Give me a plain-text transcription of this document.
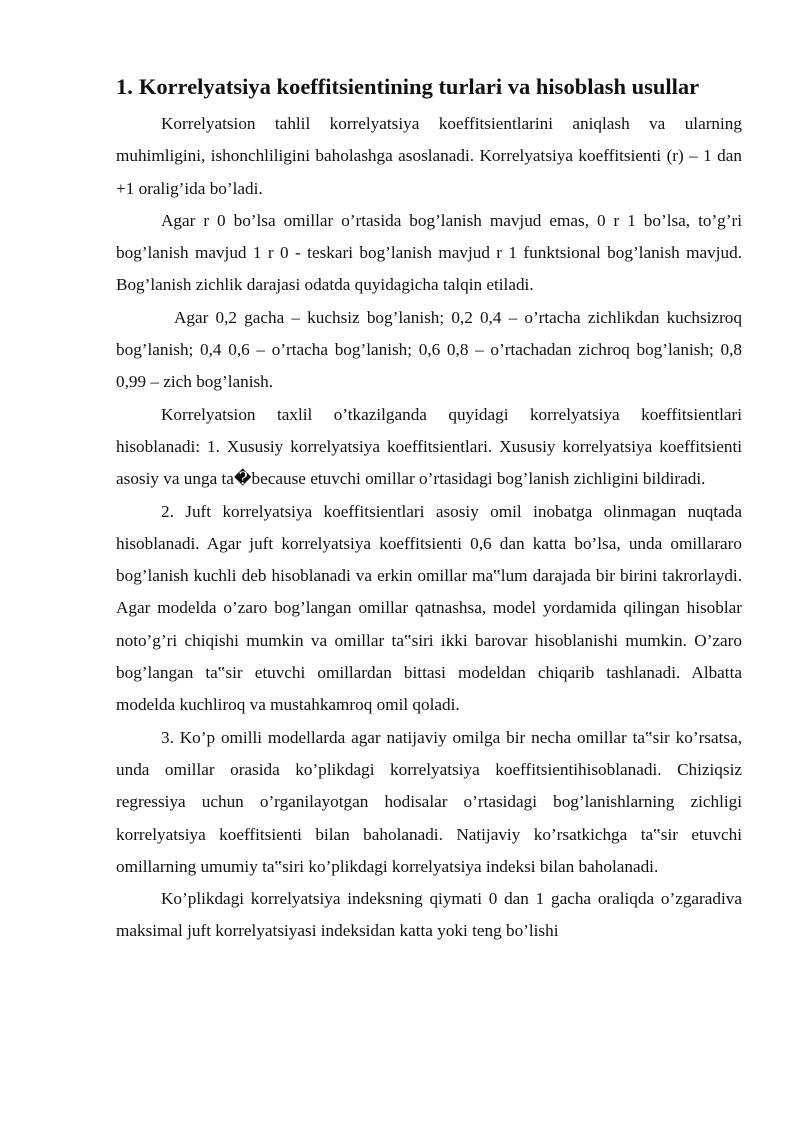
1. Korrelyatsiya koeffitsientining turlari va hisoblash usullar

Korrelyatsion tahlil korrelyatsiya koeffitsientlarini aniqlash va ularning muhimligini, ishonchliligini baholashga asoslanadi. Korrelyatsiya koeffitsienti (r) – 1 dan +1 oralig’ida bo’ladi.

Agar r 0 bo’lsa omillar o’rtasida bog’lanish mavjud emas, 0 r 1 bo’lsa, to’g’ri bog’lanish mavjud 1 r 0 - teskari bog’lanish mavjud r 1 funktsional bog’lanish mavjud. Bog’lanish zichlik darajasi odatda quyidagicha talqin etiladi.

Agar 0,2 gacha – kuchsiz bog’lanish; 0,2 0,4 – o’rtacha zichlikdan kuchsizroq bog’lanish; 0,4 0,6 – o’rtacha bog’lanish; 0,6 0,8 – o’rtachadan zichroq bog’lanish; 0,8 0,99 – zich bog’lanish.

Korrelyatsion taxlil o’tkazilganda quyidagi korrelyatsiya koeffitsientlari hisoblanadi: 1. Xususiy korrelyatsiya koeffitsientlari. Xususiy korrelyatsiya koeffitsienti asosiy va unga ta�because etuvchi omillar o’rtasidagi bog’lanish zichligini bildiradi.

2. Juft korrelyatsiya koeffitsientlari asosiy omil inobatga olinmagan nuqtada hisoblanadi. Agar juft korrelyatsiya koeffitsienti 0,6 dan katta bo’lsa, unda omillararo bog’lanish kuchli deb hisoblanadi va erkin omillar ma‟lum darajada bir birini takrorlaydi. Agar modelda o’zaro bog’langan omillar qatnashsa, model yordamida qilingan hisoblar noto’g’ri chiqishi mumkin va omillar ta‟siri ikki barovar hisoblanishi mumkin. O’zaro bog’langan ta‟sir etuvchi omillardan bittasi modeldan chiqarib tashlanadi. Albatta modelda kuchliroq va mustahkamroq omil qoladi.

3. Ko’p omilli modellarda agar natijaviy omilga bir necha omillar ta‟sir ko’rsatsa, unda omillar orasida ko’plikdagi korrelyatsiya koeffitsientihisoblanadi. Chiziqsiz regressiya uchun o’rganilayotgan hodisalar o’rtasidagi bog’lanishlarning zichligi korrelyatsiya koeffitsienti bilan baholanadi. Natijaviy ko’rsatkichga ta‟sir etuvchi omillarning umumiy ta‟siri ko’plikdagi korrelyatsiya indeksi bilan baholanadi.

Ko’plikdagi korrelyatsiya indeksning qiymati 0 dan 1 gacha oraliqda o’zgaradiva maksimal juft korrelyatsiyasi indeksidan katta yoki teng bo’lishi
